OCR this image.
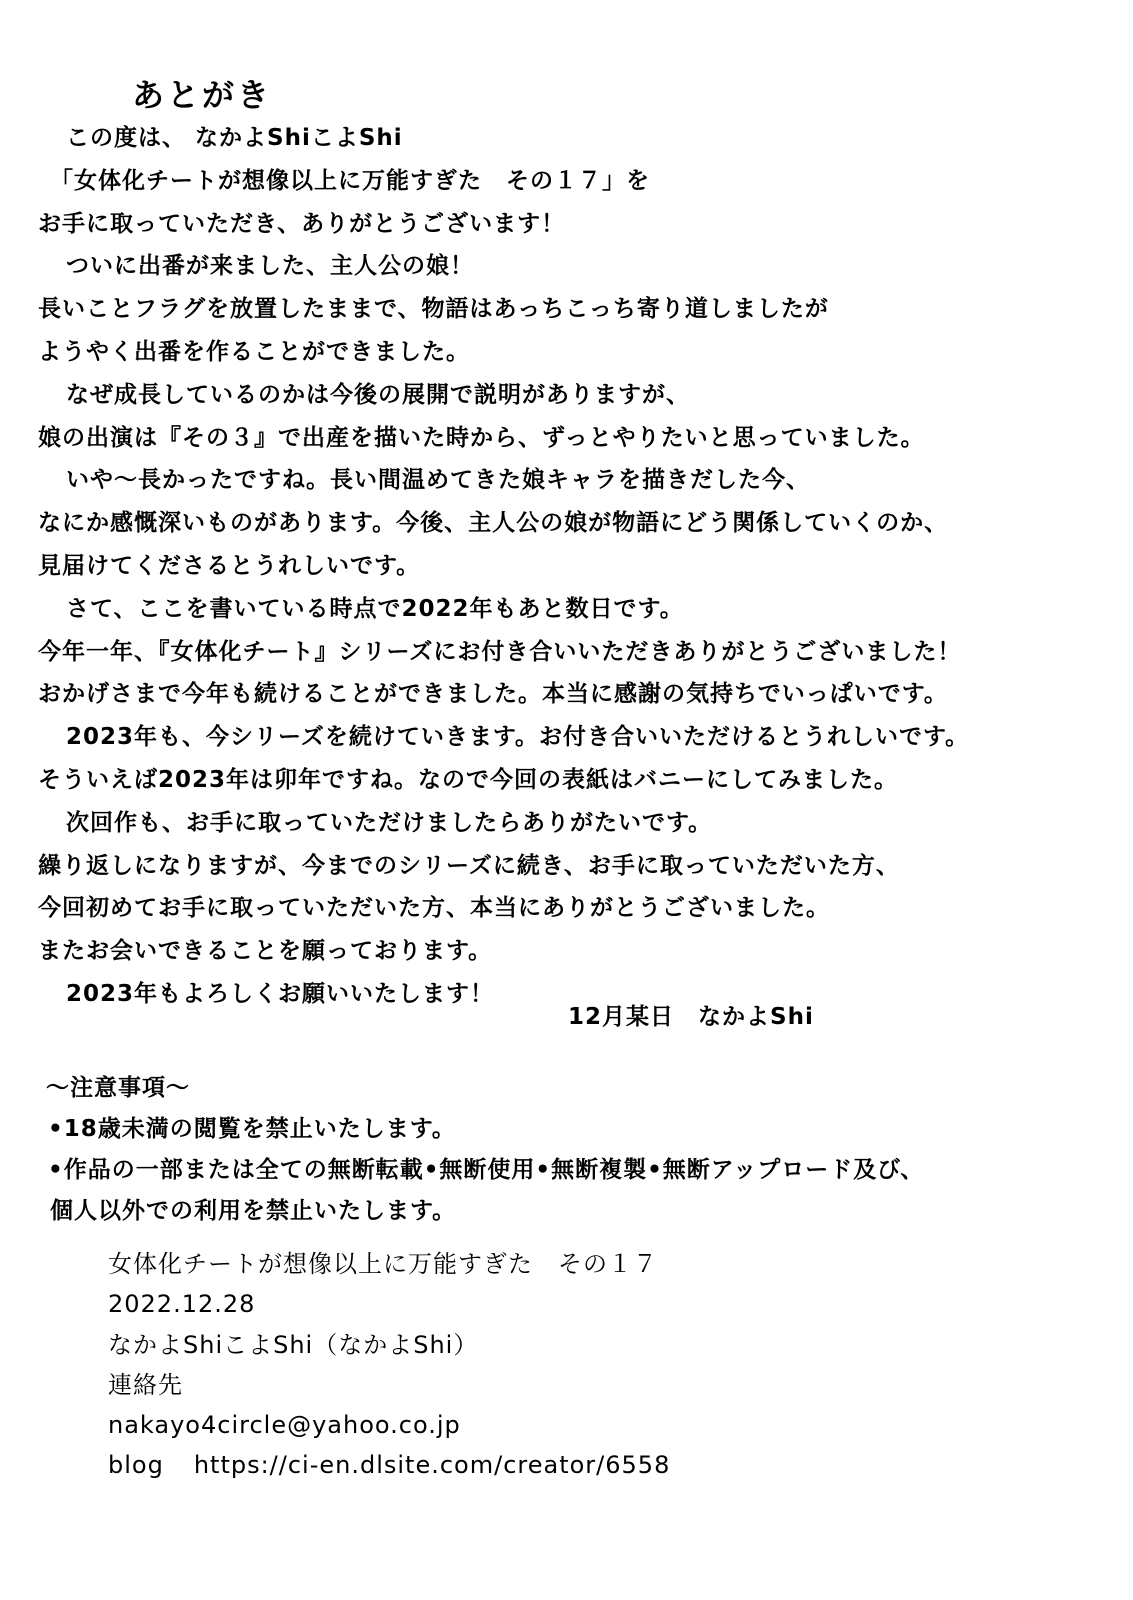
あとがき
この度は、 なかよShiこよShi
「女体化チートが想像以上に万能すぎた　その１７」を
お手に取っていただき、ありがとうございます！
ついに出番が来ました、主人公の娘！
長いことフラグを放置したままで、物語はあっちこっち寄り道しましたが
ようやく出番を作ることができました。
なぜ成長しているのかは今後の展開で説明がありますが、
娘の出演は『その３』で出産を描いた時から、ずっとやりたいと思っていました。
いや〜長かったですね。長い間温めてきた娘キャラを描きだした今、
なにか感慨深いものがあります。今後、主人公の娘が物語にどう関係していくのか、
見届けてくださるとうれしいです。
さて、ここを書いている時点で2022年もあと数日です。
今年一年、『女体化チート』シリーズにお付き合いいただきありがとうございました！
おかげさまで今年も続けることができました。本当に感謝の気持ちでいっぱいです。
2023年も、今シリーズを続けていきます。お付き合いいただけるとうれしいです。
そういえば2023年は卯年ですね。なので今回の表紙はバニーにしてみました。
次回作も、お手に取っていただけましたらありがたいです。
繰り返しになりますが、今までのシリーズに続き、お手に取っていただいた方、
今回初めてお手に取っていただいた方、本当にありがとうございました。
またお会いできることを願っております。
2023年もよろしくお願いいたします！
12月某日　なかよShi
〜注意事項〜
•18歳未満の閲覧を禁止いたします。
•作品の一部または全ての無断転載•無断使用•無断複製•無断アップロード及び、
個人以外での利用を禁止いたします。
女体化チートが想像以上に万能すぎた　その１７
2022.12.28
なかよShiこよShi（なかよShi）
連絡先
nakayo4circle@yahoo.co.jp
blog https://ci-en.dlsite.com/creator/6558
